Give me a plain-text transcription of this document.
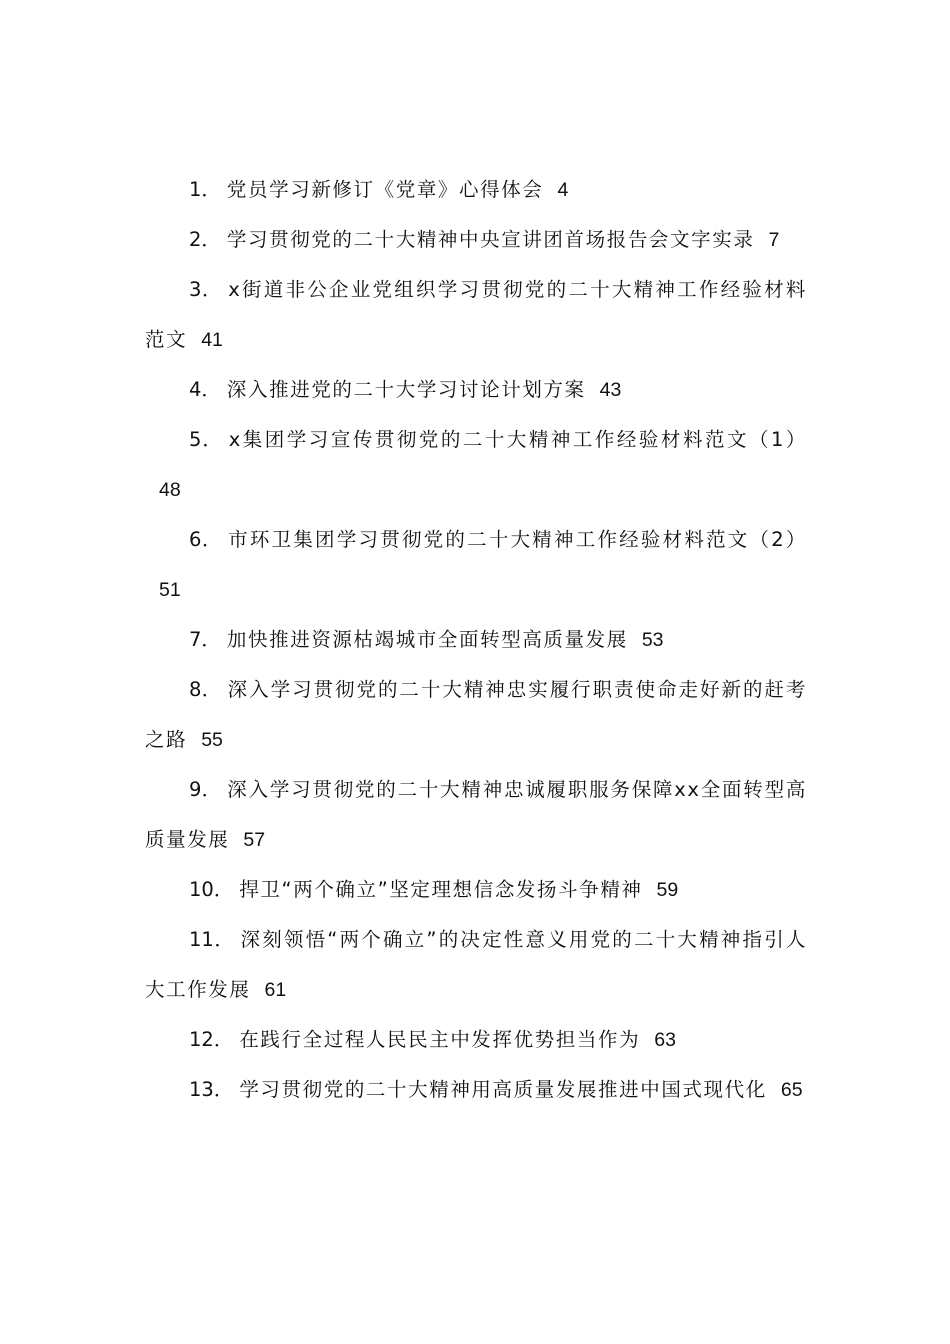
1． 党员学习新修订《党章》心得体会 4

2． 学习贯彻党的二十大精神中央宣讲团首场报告会文字实录 7

3． x街道非公企业党组织学习贯彻党的二十大精神工作经验材料范文 41

4． 深入推进党的二十大学习讨论计划方案 43

5． x集团学习宣传贯彻党的二十大精神工作经验材料范文（1）48

6． 市环卫集团学习贯彻党的二十大精神工作经验材料范文（2）51

7． 加快推进资源枯竭城市全面转型高质量发展 53

8． 深入学习贯彻党的二十大精神忠实履行职责使命走好新的赶考之路 55

9． 深入学习贯彻党的二十大精神忠诚履职服务保障xx全面转型高质量发展 57

10． 捍卫“两个确立”坚定理想信念发扬斗争精神 59

11． 深刻领悟“两个确立”的决定性意义用党的二十大精神指引人大工作发展 61

12． 在践行全过程人民民主中发挥优势担当作为 63

13． 学习贯彻党的二十大精神用高质量发展推进中国式现代化 65
